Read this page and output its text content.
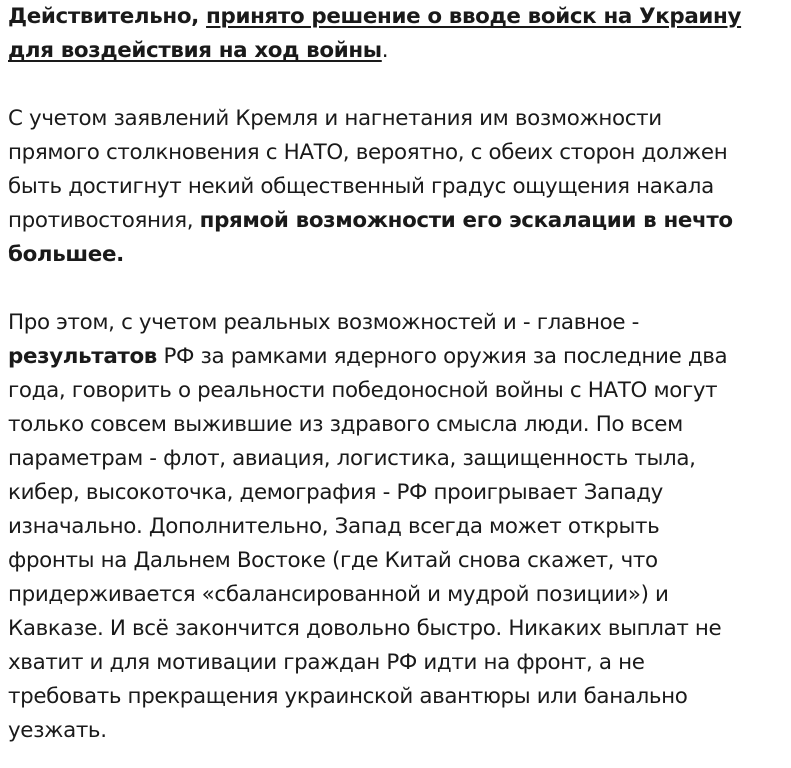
Действительно, принято решение о вводе войск на Украину
для воздействия на ход войны.
С учетом заявлений Кремля и нагнетания им возможности
прямого столкновения с НАТО, вероятно, с обеих сторон должен
быть достигнут некий общественный градус ощущения накала
противостояния, прямой возможности его эскалации в нечто
большее.
Про этом, с учетом реальных возможностей и - главное -
результатов РФ за рамками ядерного оружия за последние два
года, говорить о реальности победоносной войны с НАТО могут
только совсем выжившие из здравого смысла люди. По всем
параметрам - флот, авиация, логистика, защищенность тыла,
кибер, высокоточка, демография - РФ проигрывает Западу
изначально. Дополнительно, Запад всегда может открыть
фронты на Дальнем Востоке (где Китай снова скажет, что
придерживается «сбалансированной и мудрой позиции») и
Кавказе. И всё закончится довольно быстро. Никаких выплат не
хватит и для мотивации граждан РФ идти на фронт, а не
требовать прекращения украинской авантюры или банально
уезжать.
